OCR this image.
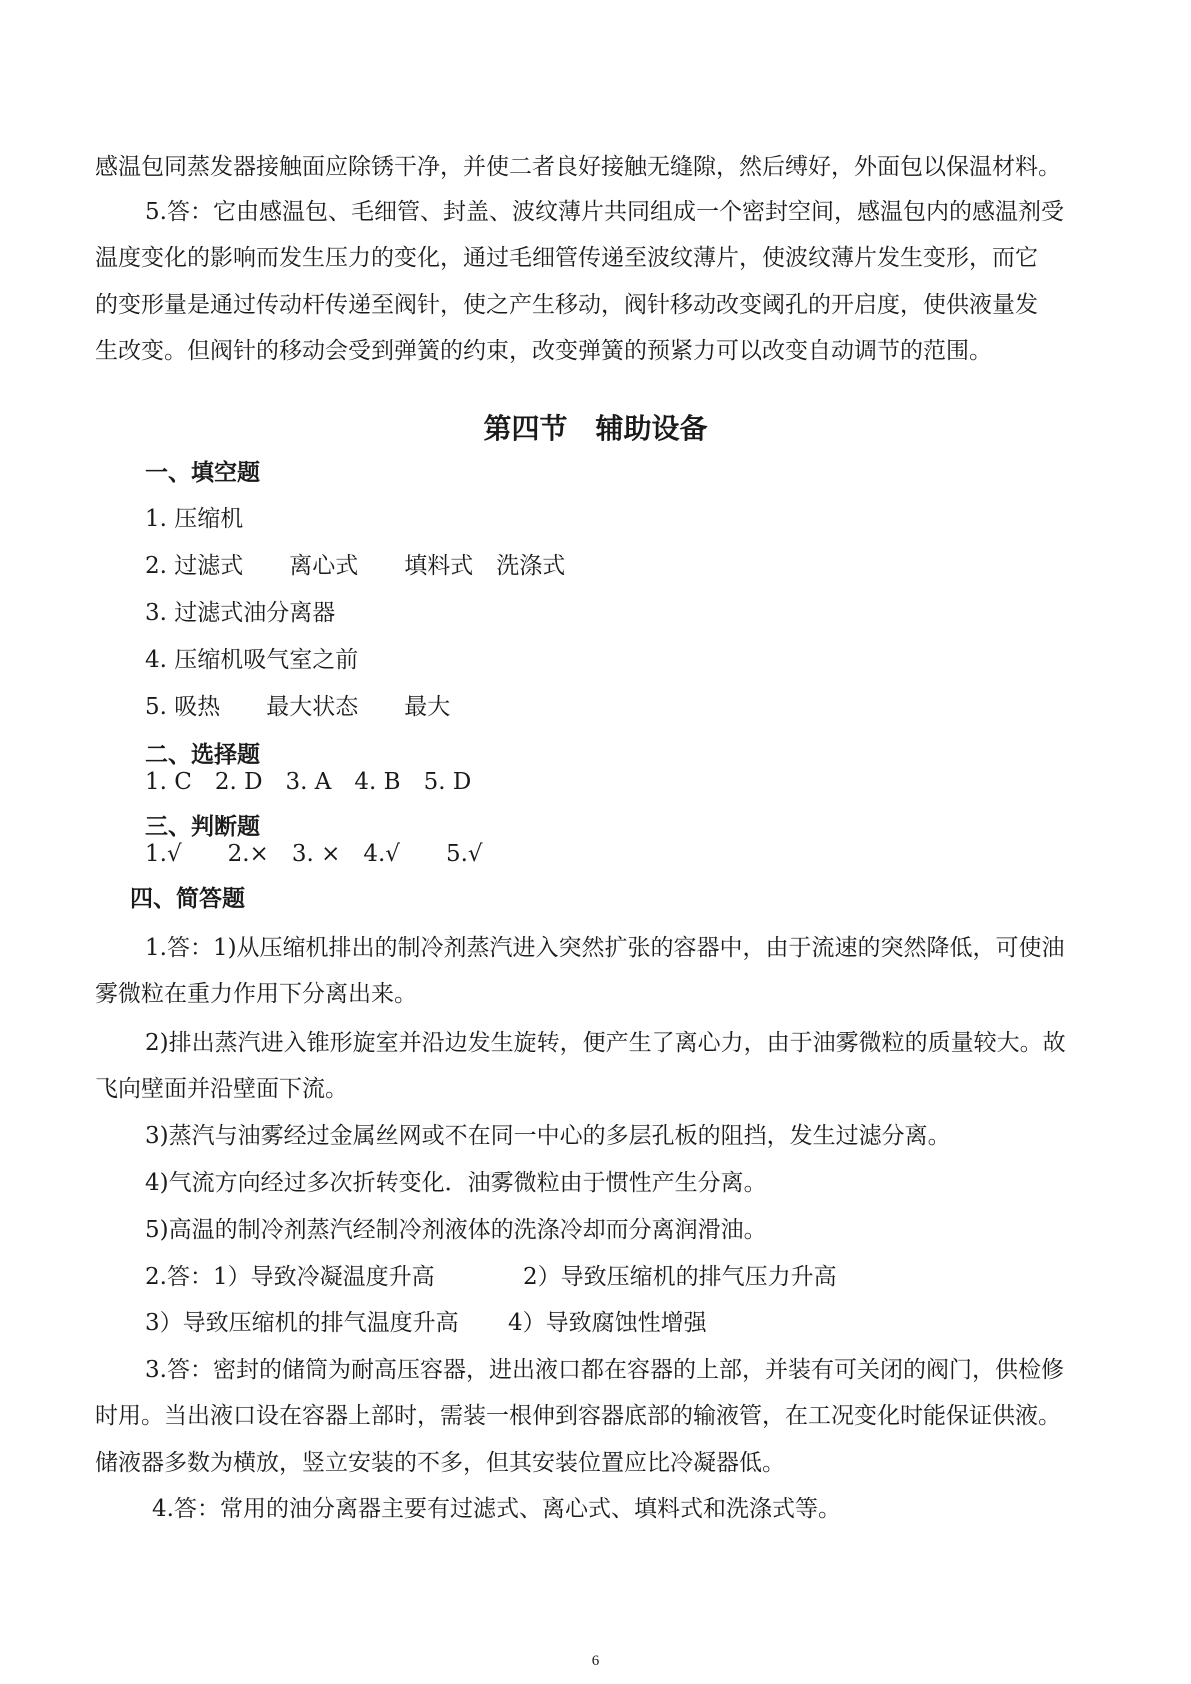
感温包同蒸发器接触面应除锈干净，并使二者良好接触无缝隙，然后缚好，外面包以保温材料。
5.答：它由感温包、毛细管、封盖、波纹薄片共同组成一个密封空间，感温包内的感温剂受
温度变化的影响而发生压力的变化，通过毛细管传递至波纹薄片，使波纹薄片发生变形，而它
的变形量是通过传动杆传递至阀针，使之产生移动，阀针移动改变阈孔的开启度，使供液量发
生改变。但阀针的移动会受到弹簧的约束，改变弹簧的预紧力可以改变自动调节的范围。
第四节　辅助设备
一、填空题
1. 压缩机
2. 过滤式　　离心式　　填料式　洗涤式
3. 过滤式油分离器
4. 压缩机吸气室之前
5. 吸热　　最大状态　　最大
二、选择题
1. C　2. D　3. A　4. B　5. D
三、判断题
1.√　　2.×　3. ×　4.√　　5.√
四、简答题
1.答：1)从压缩机排出的制冷剂蒸汽进入突然扩张的容器中，由于流速的突然降低，可使油
雾微粒在重力作用下分离出来。
2)排出蒸汽进入锥形旋室并沿边发生旋转，便产生了离心力，由于油雾微粒的质量较大。故
飞向壁面并沿壁面下流。
3)蒸汽与油雾经过金属丝网或不在同一中心的多层孔板的阻挡，发生过滤分离。
4)气流方向经过多次折转变化．油雾微粒由于惯性产生分离。
5)高温的制冷剂蒸汽经制冷剂液体的洗涤冷却而分离润滑油。
2.答：1）导致冷凝温度升高	2）导致压缩机的排气压力升高
3）导致压缩机的排气温度升高 4）导致腐蚀性增强
3.答：密封的储筒为耐高压容器，进出液口都在容器的上部，并装有可关闭的阀门，供检修
时用。当出液口设在容器上部时，需装一根伸到容器底部的输液管，在工况变化时能保证供液。
储液器多数为横放，竖立安装的不多，但其安装位置应比冷凝器低。
4.答：常用的油分离器主要有过滤式、离心式、填料式和洗涤式等。
6
